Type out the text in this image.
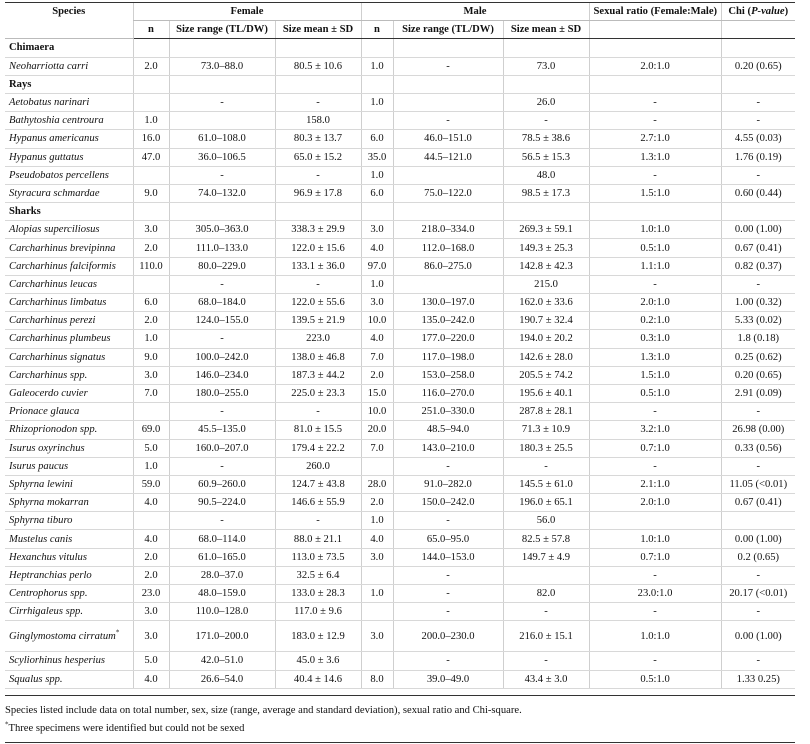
Species	Female			Male			Sexual ratio (Female:Male)	Chi (P-value)
	n	Size range (TL/DW)	Size mean ± SD	n	Size range (TL/DW)	Size mean ± SD		
Chimaera								
Neoharriotta carri	2.0	73.0–88.0	80.5 ± 10.6	1.0	-	73.0	2.0:1.0	0.20 (0.65)
Rays								
Aetobatus narinari		-	-	1.0		26.0	-	-
Bathytoshia centroura	1.0		158.0		-	-	-	-
Hypanus americanus	16.0	61.0–108.0	80.3 ± 13.7	6.0	46.0–151.0	78.5 ± 38.6	2.7:1.0	4.55 (0.03)
Hypanus guttatus	47.0	36.0–106.5	65.0 ± 15.2	35.0	44.5–121.0	56.5 ± 15.3	1.3:1.0	1.76 (0.19)
Pseudobatos percellens		-	-	1.0		48.0	-	-
Styracura schmardae	9.0	74.0–132.0	96.9 ± 17.8	6.0	75.0–122.0	98.5 ± 17.3	1.5:1.0	0.60 (0.44)
Sharks								
Alopias superciliosus	3.0	305.0–363.0	338.3 ± 29.9	3.0	218.0–334.0	269.3 ± 59.1	1.0:1.0	0.00 (1.00)
Carcharhinus brevipinna	2.0	111.0–133.0	122.0 ± 15.6	4.0	112.0–168.0	149.3 ± 25.3	0.5:1.0	0.67 (0.41)
Carcharhinus falciformis	110.0	80.0–229.0	133.1 ± 36.0	97.0	86.0–275.0	142.8 ± 42.3	1.1:1.0	0.82 (0.37)
Carcharhinus leucas		-	-	1.0		215.0	-	-
Carcharhinus limbatus	6.0	68.0–184.0	122.0 ± 55.6	3.0	130.0–197.0	162.0 ± 33.6	2.0:1.0	1.00 (0.32)
Carcharhinus perezi	2.0	124.0–155.0	139.5 ± 21.9	10.0	135.0–242.0	190.7 ± 32.4	0.2:1.0	5.33 (0.02)
Carcharhinus plumbeus	1.0	-	223.0	4.0	177.0–220.0	194.0 ± 20.2	0.3:1.0	1.8 (0.18)
Carcharhinus signatus	9.0	100.0–242.0	138.0 ± 46.8	7.0	117.0–198.0	142.6 ± 28.0	1.3:1.0	0.25 (0.62)
Carcharhinus spp.	3.0	146.0–234.0	187.3 ± 44.2	2.0	153.0–258.0	205.5 ± 74.2	1.5:1.0	0.20 (0.65)
Galeocerdo cuvier	7.0	180.0–255.0	225.0 ± 23.3	15.0	116.0–270.0	195.6 ± 40.1	0.5:1.0	2.91 (0.09)
Prionace glauca		-	-	10.0	251.0–330.0	287.8 ± 28.1	-	-
Rhizoprionodon spp.	69.0	45.5–135.0	81.0 ± 15.5	20.0	48.5–94.0	71.3 ± 10.9	3.2:1.0	26.98 (0.00)
Isurus oxyrinchus	5.0	160.0–207.0	179.4 ± 22.2	7.0	143.0–210.0	180.3 ± 25.5	0.7:1.0	0.33 (0.56)
Isurus paucus	1.0	-	260.0		-	-	-	-
Sphyrna lewini	59.0	60.9–260.0	124.7 ± 43.8	28.0	91.0–282.0	145.5 ± 61.0	2.1:1.0	11.05 (<0.01)
Sphyrna mokarran	4.0	90.5–224.0	146.6 ± 55.9	2.0	150.0–242.0	196.0 ± 65.1	2.0:1.0	0.67 (0.41)
Sphyrna tiburo		-	-	1.0	-	56.0		
Mustelus canis	4.0	68.0–114.0	88.0 ± 21.1	4.0	65.0–95.0	82.5 ± 57.8	1.0:1.0	0.00 (1.00)
Hexanchus vitulus	2.0	61.0–165.0	113.0 ± 73.5	3.0	144.0–153.0	149.7 ± 4.9	0.7:1.0	0.2 (0.65)
Heptranchias perlo	2.0	28.0–37.0	32.5 ± 6.4		-		-	-
Centrophorus spp.	23.0	48.0–159.0	133.0 ± 28.3	1.0	-	82.0	23.0:1.0	20.17 (<0.01)
Cirrhigaleus spp.	3.0	110.0–128.0	117.0 ± 9.6		-	-	-	-
Ginglymostoma cirratum*	3.0	171.0–200.0	183.0 ± 12.9	3.0	200.0–230.0	216.0 ± 15.1	1.0:1.0	0.00 (1.00)
Scyliorhinus hesperius	5.0	42.0–51.0	45.0 ± 3.6		-	-	-	-
Squalus spp.	4.0	26.6–54.0	40.4 ± 14.6	8.0	39.0–49.0	43.4 ± 3.0	0.5:1.0	1.33 0.25)
Species listed include data on total number, sex, size (range, average and standard deviation), sexual ratio and Chi-square.
*Three specimens were identified but could not be sexed
